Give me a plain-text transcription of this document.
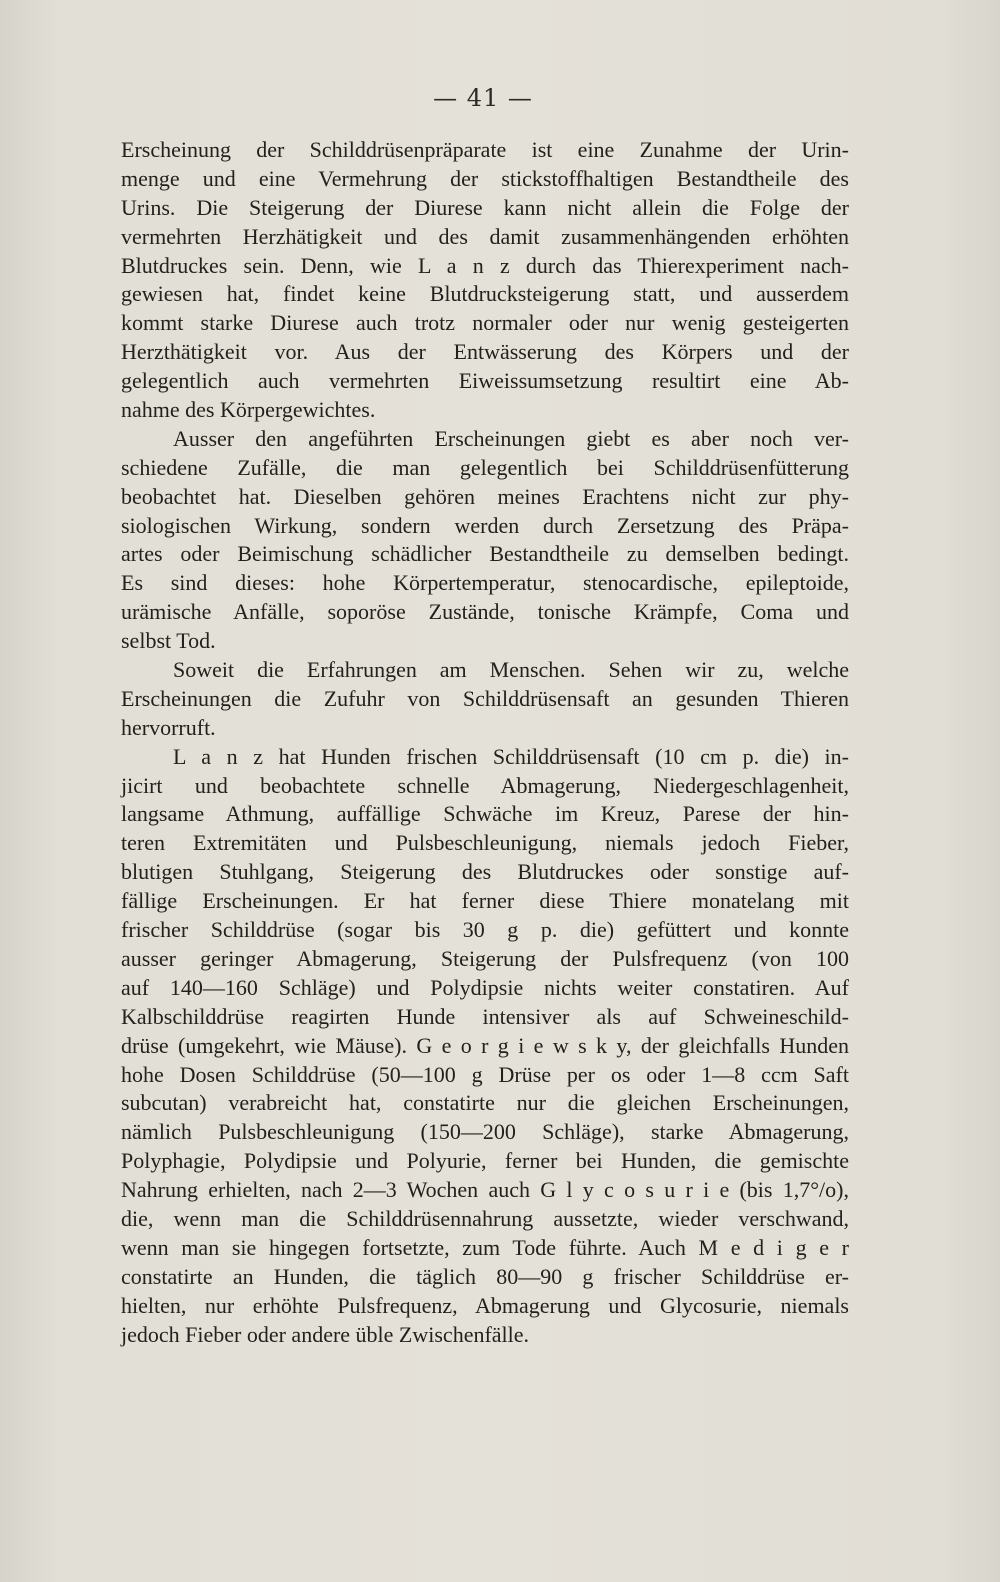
— 41 —
Erscheinung der Schilddrüsenpräparate ist eine Zunahme der Urin-
menge und eine Vermehrung der stickstoffhaltigen Bestandtheile des
Urins. Die Steigerung der Diurese kann nicht allein die Folge der
vermehrten Herzhätigkeit und des damit zusammenhängenden erhöhten
Blutdruckes sein. Denn, wie L a n z durch das Thierexperiment nach-
gewiesen hat, findet keine Blutdrucksteigerung statt, und ausserdem
kommt starke Diurese auch trotz normaler oder nur wenig gesteigerten
Herzthätigkeit vor. Aus der Entwässerung des Körpers und der
gelegentlich auch vermehrten Eiweissumsetzung resultirt eine Ab-
nahme des Körpergewichtes.
Ausser den angeführten Erscheinungen giebt es aber noch ver-
schiedene Zufälle, die man gelegentlich bei Schilddrüsenfütterung
beobachtet hat. Dieselben gehören meines Erachtens nicht zur phy-
siologischen Wirkung, sondern werden durch Zersetzung des Präpa-
artes oder Beimischung schädlicher Bestandtheile zu demselben bedingt.
Es sind dieses: hohe Körpertemperatur, stenocardische, epileptoide,
urämische Anfälle, soporöse Zustände, tonische Krämpfe, Coma und
selbst Tod.
Soweit die Erfahrungen am Menschen. Sehen wir zu, welche
Erscheinungen die Zufuhr von Schilddrüsensaft an gesunden Thieren
hervorruft.
L a n z hat Hunden frischen Schilddrüsensaft (10 cm p. die) in-
jicirt und beobachtete schnelle Abmagerung, Niedergeschlagenheit,
langsame Athmung, auffällige Schwäche im Kreuz, Parese der hin-
teren Extremitäten und Pulsbeschleunigung, niemals jedoch Fieber,
blutigen Stuhlgang, Steigerung des Blutdruckes oder sonstige auf-
fällige Erscheinungen. Er hat ferner diese Thiere monatelang mit
frischer Schilddrüse (sogar bis 30 g p. die) gefüttert und konnte
ausser geringer Abmagerung, Steigerung der Pulsfrequenz (von 100
auf 140—160 Schläge) und Polydipsie nichts weiter constatiren. Auf
Kalbschilddrüse reagirten Hunde intensiver als auf Schweineschild-
drüse (umgekehrt, wie Mäuse). G e o r g i e w s k y, der gleichfalls Hunden
hohe Dosen Schilddrüse (50—100 g Drüse per os oder 1—8 ccm Saft
subcutan) verabreicht hat, constatirte nur die gleichen Erscheinungen,
nämlich Pulsbeschleunigung (150—200 Schläge), starke Abmagerung,
Polyphagie, Polydipsie und Polyurie, ferner bei Hunden, die gemischte
Nahrung erhielten, nach 2—3 Wochen auch G l y c o s u r i e (bis 1,7°/o),
die, wenn man die Schilddrüsennahrung aussetzte, wieder verschwand,
wenn man sie hingegen fortsetzte, zum Tode führte. Auch M e d i g e r
constatirte an Hunden, die täglich 80—90 g frischer Schilddrüse er-
hielten, nur erhöhte Pulsfrequenz, Abmagerung und Glycosurie, niemals
jedoch Fieber oder andere üble Zwischenfälle.
